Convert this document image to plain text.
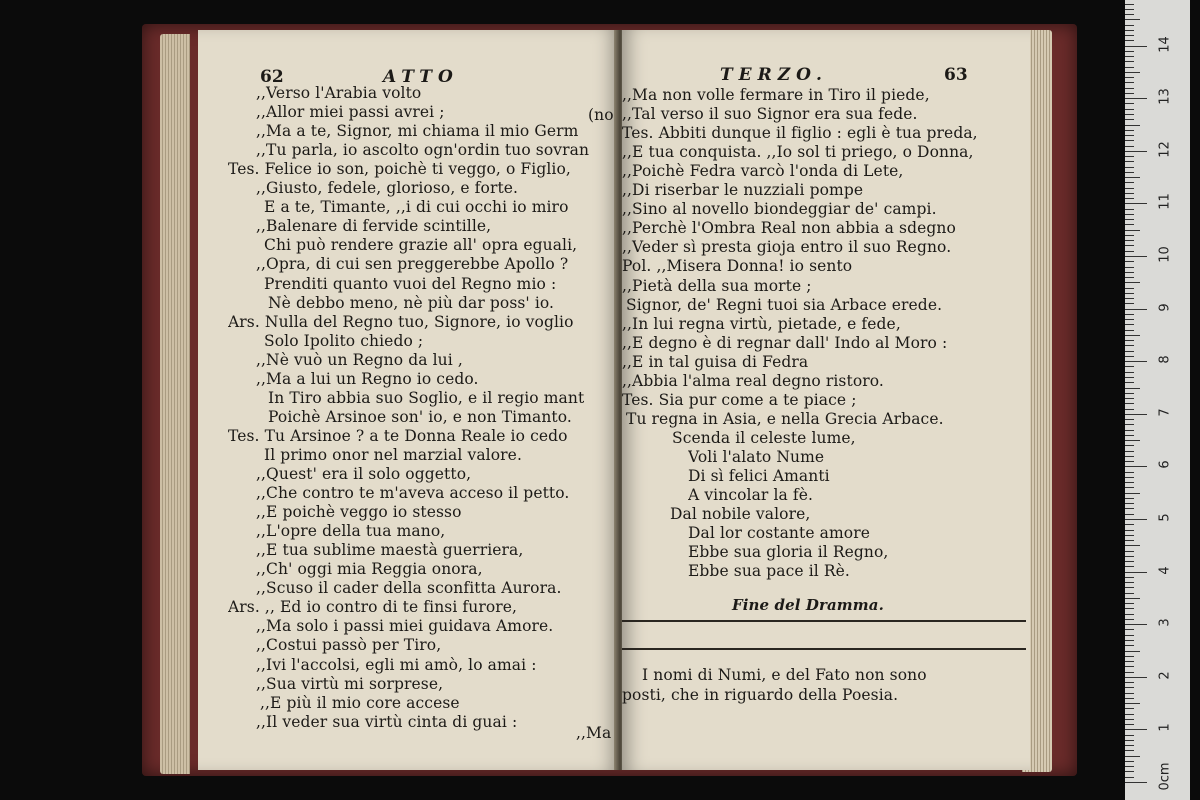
62	ATTO
,,Verso l'Arabia volto
,,Allor miei passi avrei ;
,,Ma a te, Signor, mi chiama il mio Germ
,,Tu parla, io ascolto ogn'ordin tuo sovran
Tes. Felice io son, poichè ti veggo, o Figlio,
,,Giusto, fedele, glorioso, e forte.
E a te, Timante, ,,i di cui occhi io miro
,,Balenare di fervide scintille,
Chi può rendere grazie all' opra eguali,
,,Opra, di cui sen preggerebbe Apollo ?
Prenditi quanto vuoi del Regno mio :
Nè debbo meno, nè più dar poss' io.
Ars. Nulla del Regno tuo, Signore, io voglio
Solo Ipolito chiedo ;
,,Nè vuò un Regno da lui ,
,,Ma a lui un Regno io cedo.
In Tiro abbia suo Soglio, e il regio mant
Poichè Arsinoe son' io, e non Timanto.
Tes. Tu Arsinoe ? a te Donna Reale io cedo
Il primo onor nel marzial valore.
,,Quest' era il solo oggetto,
,,Che contro te m'aveva acceso il petto.
,,E poichè veggo io stesso
,,L'opre della tua mano,
,,E tua sublime maestà guerriera,
,,Ch' oggi mia Reggia onora,
,,Scuso il cader della sconfitta Aurora.
Ars. ,, Ed io contro di te finsi furore,
,,Ma solo i passi miei guidava Amore.
,,Costui passò per Tiro,
,,Ivi l'accolsi, egli mi amò, lo amai :
,,Sua virtù mi sorprese,
,,E più il mio core accese
,,Il veder sua virtù cinta di guai :
(no
,,Ma
TERZO.	63
,,Ma non volle fermare in Tiro il piede,
,,Tal verso il suo Signor era sua fede.
Tes. Abbiti dunque il figlio : egli è tua preda,
,,E tua conquista. ,,Io sol ti priego, o Donna,
,,Poichè Fedra varcò l'onda di Lete,
,,Di riserbar le nuzziali pompe
,,Sino al novello biondeggiar de' campi.
,,Perchè l'Ombra Real non abbia a sdegno
,,Veder sì presta gioja entro il suo Regno.
Pol. ,,Misera Donna! io sento
,,Pietà della sua morte ;
Signor, de' Regni tuoi sia Arbace erede.
,,In lui regna virtù, pietade, e fede,
,,E degno è di regnar dall' Indo al Moro :
,,E in tal guisa di Fedra
,,Abbia l'alma real degno ristoro.
Tes. Sia pur come a te piace ;
Tu regna in Asia, e nella Grecia Arbace.
Scenda il celeste lume,
Voli l'alato Nume
Di sì felici Amanti
A vincolar la fè.
Dal nobile valore,
Dal lor costante amore
Ebbe sua gloria il Regno,
Ebbe sua pace il Rè.
Fine del Dramma.
I nomi di Numi, e del Fato non sono
posti, che in riguardo della Poesia.
0cm
1
2
3
4
5
6
7
8
9
10
11
12
13
14
